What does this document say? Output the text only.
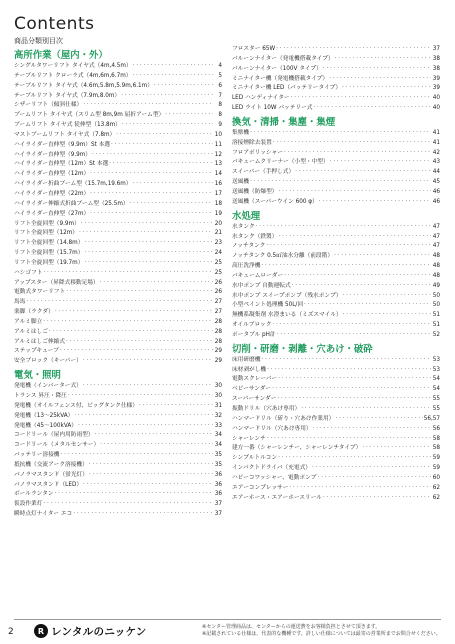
Contents
商品分類別目次
高所作業（屋内・外）
シングルタワーリフト タイヤ式（4m,4.5m） ·····	4
テーブルリフト クローラ式（4m,6m,6.7m） ·····	5
テーブルリフト タイヤ式（4.6m,5.8m,5.9m,6.1m） ·····	6
テーブルリフト タイヤ式（7.9m,8.0m） ·····	7
シザーリフト（傾斜仕様） ·····	8
ブームリフト タイヤ式（スリム型 8m,9m 屈折アーム型） ·····	8
ブームリフト タイヤ式 従伸型（13.8m） ·····	9
マストブームリフト タイヤ式（7.8m） ·····	10
ハイライダー直伸型（9.9m）St 本選 ·····	11
ハイライダー直伸型（9.9m） ·····	12
ハイライダー直伸型（12m）St 本選 ·····	13
ハイライダー直伸型（12m） ·····	14
ハイライダー折曲ブーム型（15.7m,19.6m） ·····	16
ハイライダー直伸型（22m） ·····	17
ハイライダー伸縮式折曲ブーム型（25.5m） ·····	18
ハイライダー直伸型（27m） ·····	19
リフト全旋回型（9.9m） ·····	20
リフト全旋回型（12m） ·····	21
リフト全旋回型（14.8m） ·····	23
リフト全旋回型（15.7m） ·····	24
リフト全旋回型（19.7m） ·····	25
ハシゴフト ·····	25
アップスター（昇降式移動足場） ·····	26
電動式タワーリフト ·····	26
馬馬 ·····	27
楽脚（ラクダ） ·····	27
アルミ脚立 ·····	28
アルミはしご ·····	28
アルミはしご伸縮式 ·····	28
ステップキューブ ·····	29
安全ブロック（キーパー） ·····	29
電気・照明
発電機（インバーター式） ·····	30
トランス 昇圧・降圧 ·····	30
発電機（オイルフェンス付、ビッグタンク仕様） ·····	31
発電機（13～25kVA） ·····	32
発電機（45～100kVA） ·····	33
コードリール（屋内用防雨型） ·····	34
コードリール（メタルセンサー） ·····	34
バッテリー溶接機 ·····	35
抵抗機（交流アーク溶接機） ·····	35
バノラマスタンド（蛍光灯） ·····	36
バノラマスタンド（LED） ·····	36
ボールランタン ·····	36
仮設作業灯 ·····	37
瞬時点灯ナイター エコ ·····	37
フロスター 65W ·····	37
バルーンナイター（発電機搭載タイプ） ·····	38
バルーンナイター（100V タイプ） ·····	38
ミニナイター機（発電機搭載タイプ） ·····	39
ミニナイター機 LED（バッテリータイプ） ·····	39
LED ハンディナイター ·····	40
LED ライト 10W バッテリー式 ·····	40
換気・清掃・集塵・集煙
集塵機 ·····	41
溶接煙除去装置 ·····	41
フロアポリッシャー ·····	42
バキュームクリーナー（小型・中型） ·····	43
スイーパー（手押し式） ·····	44
送風機 ·····	45
送風機（防爆型） ·····	46
送風機（スーパーウイン 600 φ） ·····	46
水処理
水タンク ·····	47
水タンク（鉄製） ·····	47
ノッチタンク ·····	47
ノッチタンク 0.5㎥油水分離（前段階） ·····	48
高圧洗浄機 ·····	48
バキュームローダー ·····	48
水中ポンプ 自動運転式 ·····	49
水中ポンプ スイープポンプ（残水ポンプ） ·····	50
小型ペイント処理機 50L/回 ·····	50
無機系凝集剤 水澄まいる（ミズスマイル） ·····	51
オイルブロック ·····	51
ポータブル pH計 ·····	52
切削・研磨・剥離・穴あけ・破砕
床用研磨機 ·····	53
床材剥がし機 ·····	53
電動スクレーパー ·····	54
ベビーサンダー ·····	54
スーパーサンダー ·····	55
振動ドリル（穴あけ専用） ·····	55
ハンマードリル（斫り・穴あけ作業用） ·····	56,57
ハンマードリル（穴あけ専用） ·····	56
シャーレンチ ·····	58
建方一番（シャーレンチー、シャーレンチタイプ） ·····	58
シンプルトルコン ·····	59
インパクトドライバ（充電式） ·····	59
ハピーコワッシャー、電動ポンプ ·····	60
エアーコンプレッサー ·····	62
エアーホース・エアーホースリール ·····	62
2	R レンタルのニッケン	※センター管理商品は、センターからの運送費をお客様負担とさせて頂きます。
※記載されている仕様は、代表的な機種です。詳しい仕様については最寄の営業所までお問合せください。
